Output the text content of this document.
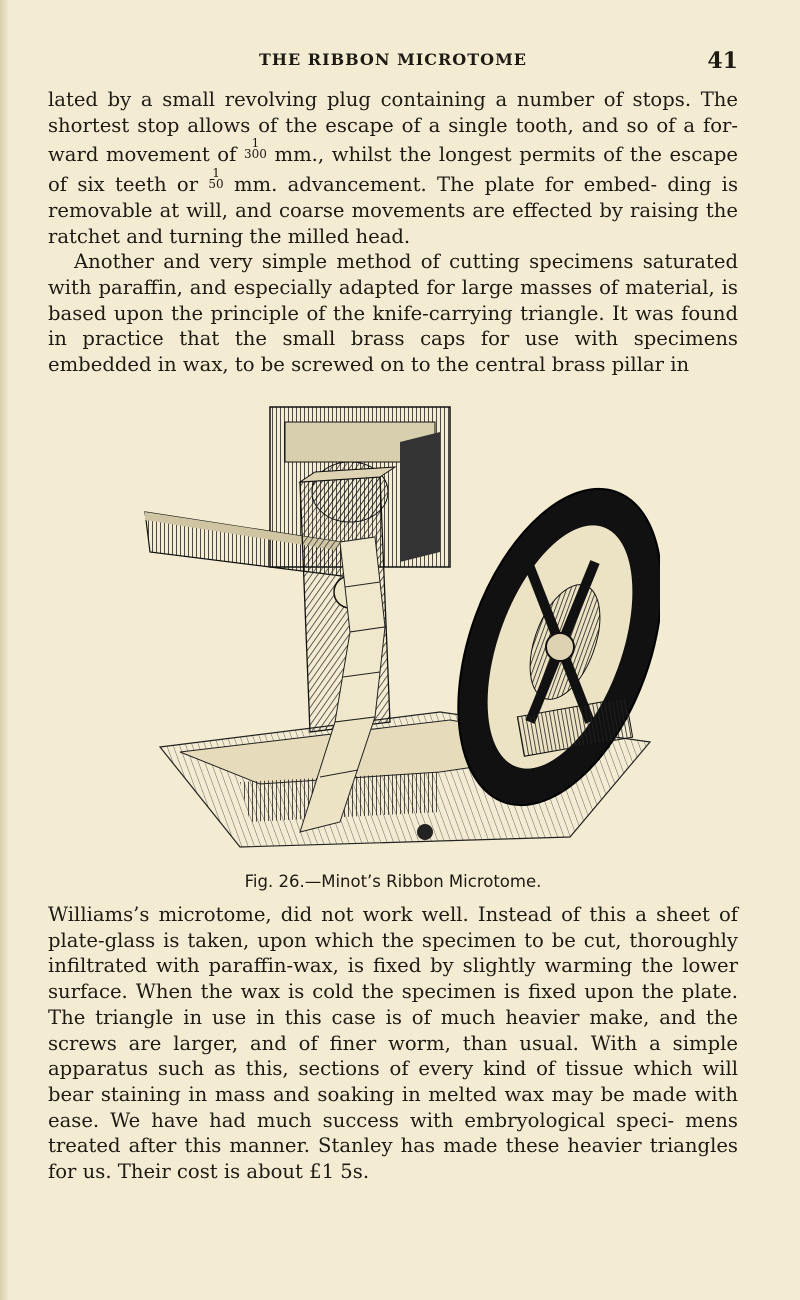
THE RIBBON MICROTOME	41

lated by a small revolving plug containing a number of stops. The shortest stop allows of the escape of a single tooth, and so of a for- ward movement of 1
300 mm., whilst the longest permits of the escape of six teeth or 1
50 mm. advancement. The plate for embed- ding is removable at will, and coarse movements are effected by raising the ratchet and turning the milled head.

Another and very simple method of cutting specimens saturated with paraffin, and especially adapted for large masses of material, is based upon the principle of the knife-carrying triangle. It was found in practice that the small brass caps for use with specimens embedded in wax, to be screwed on to the central brass pillar in

Fig. 26.—Minot’s Ribbon Microtome.

Williams’s microtome, did not work well. Instead of this a sheet of plate-glass is taken, upon which the specimen to be cut, thoroughly infiltrated with paraffin-wax, is fixed by slightly warming the lower surface. When the wax is cold the specimen is fixed upon the plate. The triangle in use in this case is of much heavier make, and the screws are larger, and of finer worm, than usual. With a simple apparatus such as this, sections of every kind of tissue which will bear staining in mass and soaking in melted wax may be made with ease. We have had much success with embryological speci- mens treated after this manner. Stanley has made these heavier triangles for us. Their cost is about £1 5s.
